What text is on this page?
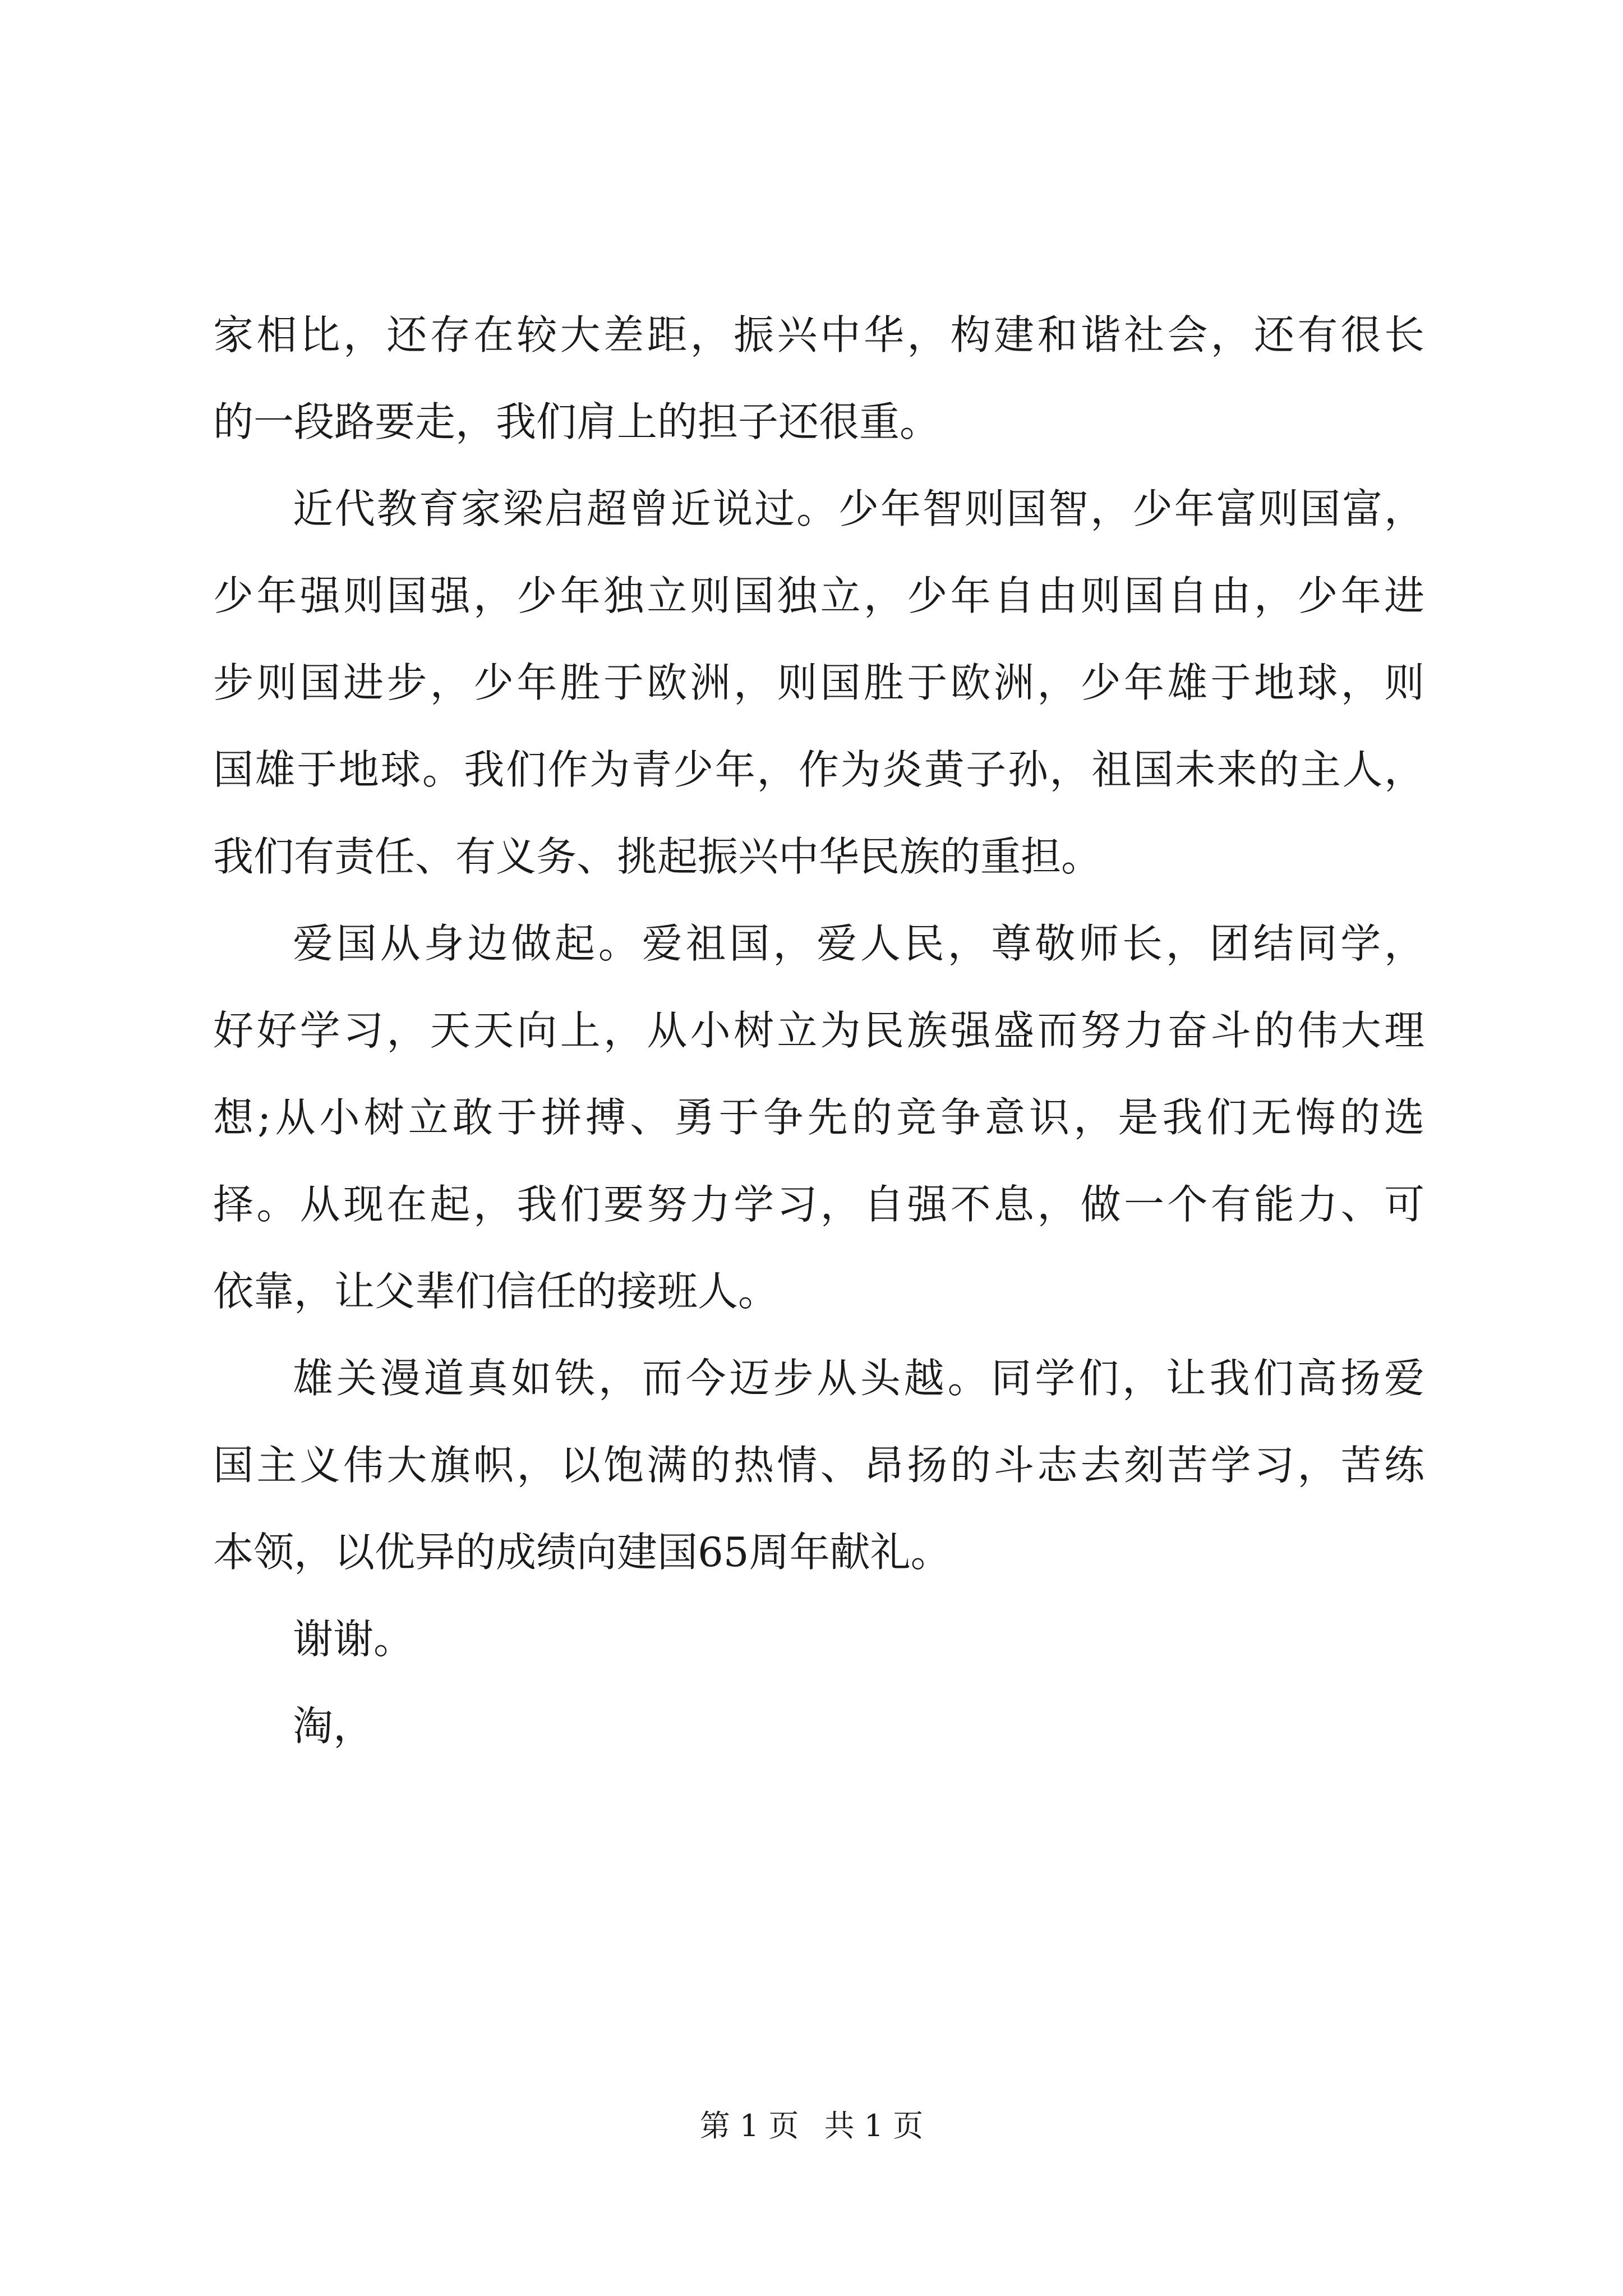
家相比，还存在较大差距，振兴中华，构建和谐社会，还有很长
的一段路要走，我们肩上的担子还很重。
近代教育家梁启超曾近说过。少年智则国智，少年富则国富，
少年强则国强，少年独立则国独立，少年自由则国自由，少年进
步则国进步，少年胜于欧洲，则国胜于欧洲，少年雄于地球，则
国雄于地球。我们作为青少年，作为炎黄子孙，祖国未来的主人，
我们有责任、有义务、挑起振兴中华民族的重担。
爱国从身边做起。爱祖国，爱人民，尊敬师长，团结同学，
好好学习，天天向上，从小树立为民族强盛而努力奋斗的伟大理
想;从小树立敢于拼搏、勇于争先的竞争意识，是我们无悔的选
择。从现在起，我们要努力学习，自强不息，做一个有能力、可
依靠，让父辈们信任的接班人。
雄关漫道真如铁，而今迈步从头越。同学们，让我们高扬爱
国主义伟大旗帜，以饱满的热情、昂扬的斗志去刻苦学习，苦练
本领，以优异的成绩向建国65周年献礼。
谢谢。
淘，
第 1 页 共 1 页
